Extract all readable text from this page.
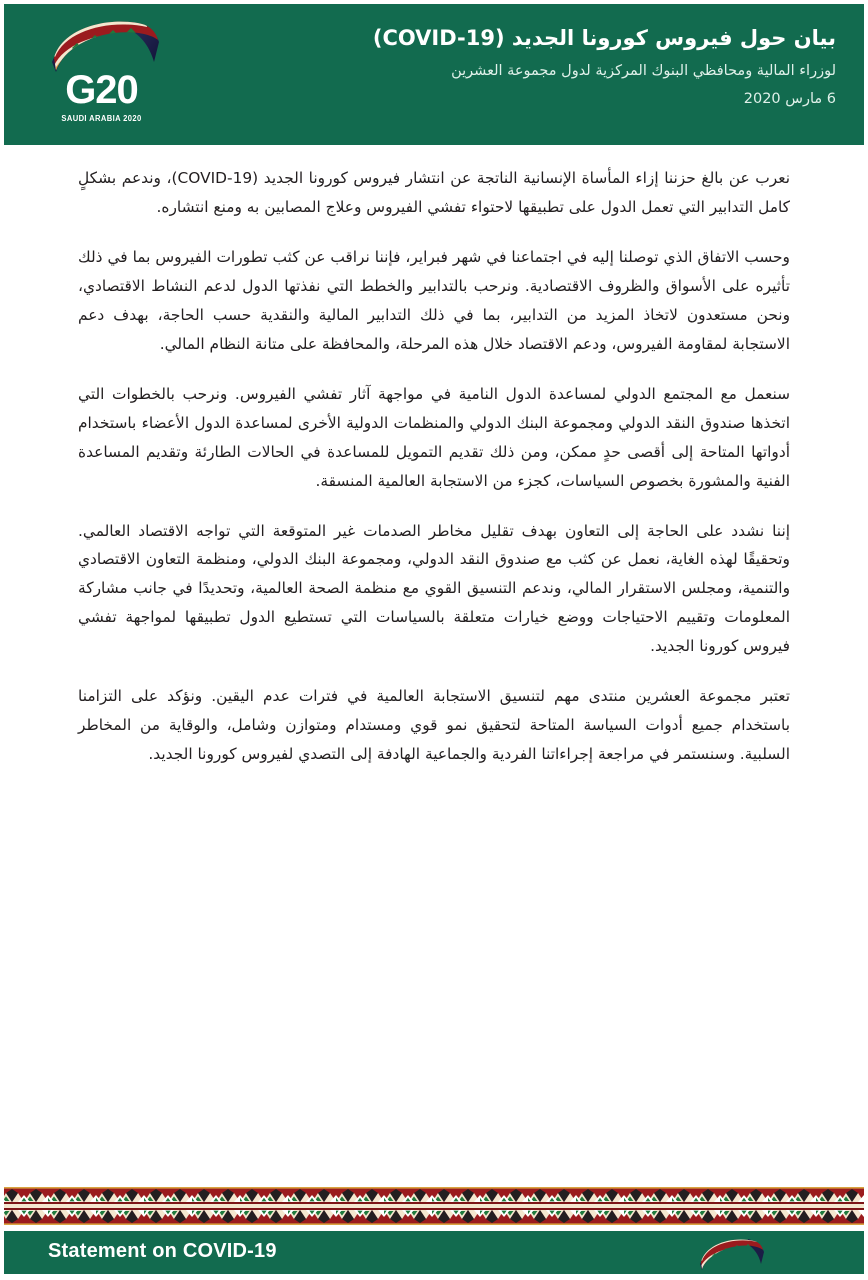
G20
SAUDI ARABIA 2020
بيان حول فيروس كورونا الجديد (COVID-19)
لوزراء المالية ومحافظي البنوك المركزية لدول مجموعة العشرين
6 مارس 2020

نعرب عن بالغ حزننا إزاء المأساة الإنسانية الناتجة عن انتشار فيروس كورونا الجديد (COVID-19)، وندعم بشكلٍ كامل التدابير التي تعمل الدول على تطبيقها لاحتواء تفشي الفيروس وعلاج المصابين به ومنع انتشاره.

وحسب الاتفاق الذي توصلنا إليه في اجتماعنا في شهر فبراير، فإننا نراقب عن كثب تطورات الفيروس بما في ذلك تأثيره على الأسواق والظروف الاقتصادية. ونرحب بالتدابير والخطط التي نفذتها الدول لدعم النشاط الاقتصادي، ونحن مستعدون لاتخاذ المزيد من التدابير، بما في ذلك التدابير المالية والنقدية حسب الحاجة، بهدف دعم الاستجابة لمقاومة الفيروس، ودعم الاقتصاد خلال هذه المرحلة، والمحافظة على متانة النظام المالي.

سنعمل مع المجتمع الدولي لمساعدة الدول النامية في مواجهة آثار تفشي الفيروس. ونرحب بالخطوات التي اتخذها صندوق النقد الدولي ومجموعة البنك الدولي والمنظمات الدولية الأخرى لمساعدة الدول الأعضاء باستخدام أدواتها المتاحة إلى أقصى حدٍ ممكن، ومن ذلك تقديم التمويل للمساعدة في الحالات الطارئة وتقديم المساعدة الفنية والمشورة بخصوص السياسات، كجزء من الاستجابة العالمية المنسقة.

إننا نشدد على الحاجة إلى التعاون بهدف تقليل مخاطر الصدمات غير المتوقعة التي تواجه الاقتصاد العالمي. وتحقيقًا لهذه الغاية، نعمل عن كثب مع صندوق النقد الدولي، ومجموعة البنك الدولي، ومنظمة التعاون الاقتصادي والتنمية، ومجلس الاستقرار المالي، وندعم التنسيق القوي مع منظمة الصحة العالمية، وتحديدًا في جانب مشاركة المعلومات وتقييم الاحتياجات ووضع خيارات متعلقة بالسياسات التي تستطيع الدول تطبيقها لمواجهة تفشي فيروس كورونا الجديد.

تعتبر مجموعة العشرين منتدى مهم لتنسيق الاستجابة العالمية في فترات عدم اليقين. ونؤكد على التزامنا باستخدام جميع أدوات السياسة المتاحة لتحقيق نمو قوي ومستدام ومتوازن وشامل، والوقاية من المخاطر السلبية. وسنستمر في مراجعة إجراءاتنا الفردية والجماعية الهادفة إلى التصدي لفيروس كورونا الجديد.

Statement on COVID-19
